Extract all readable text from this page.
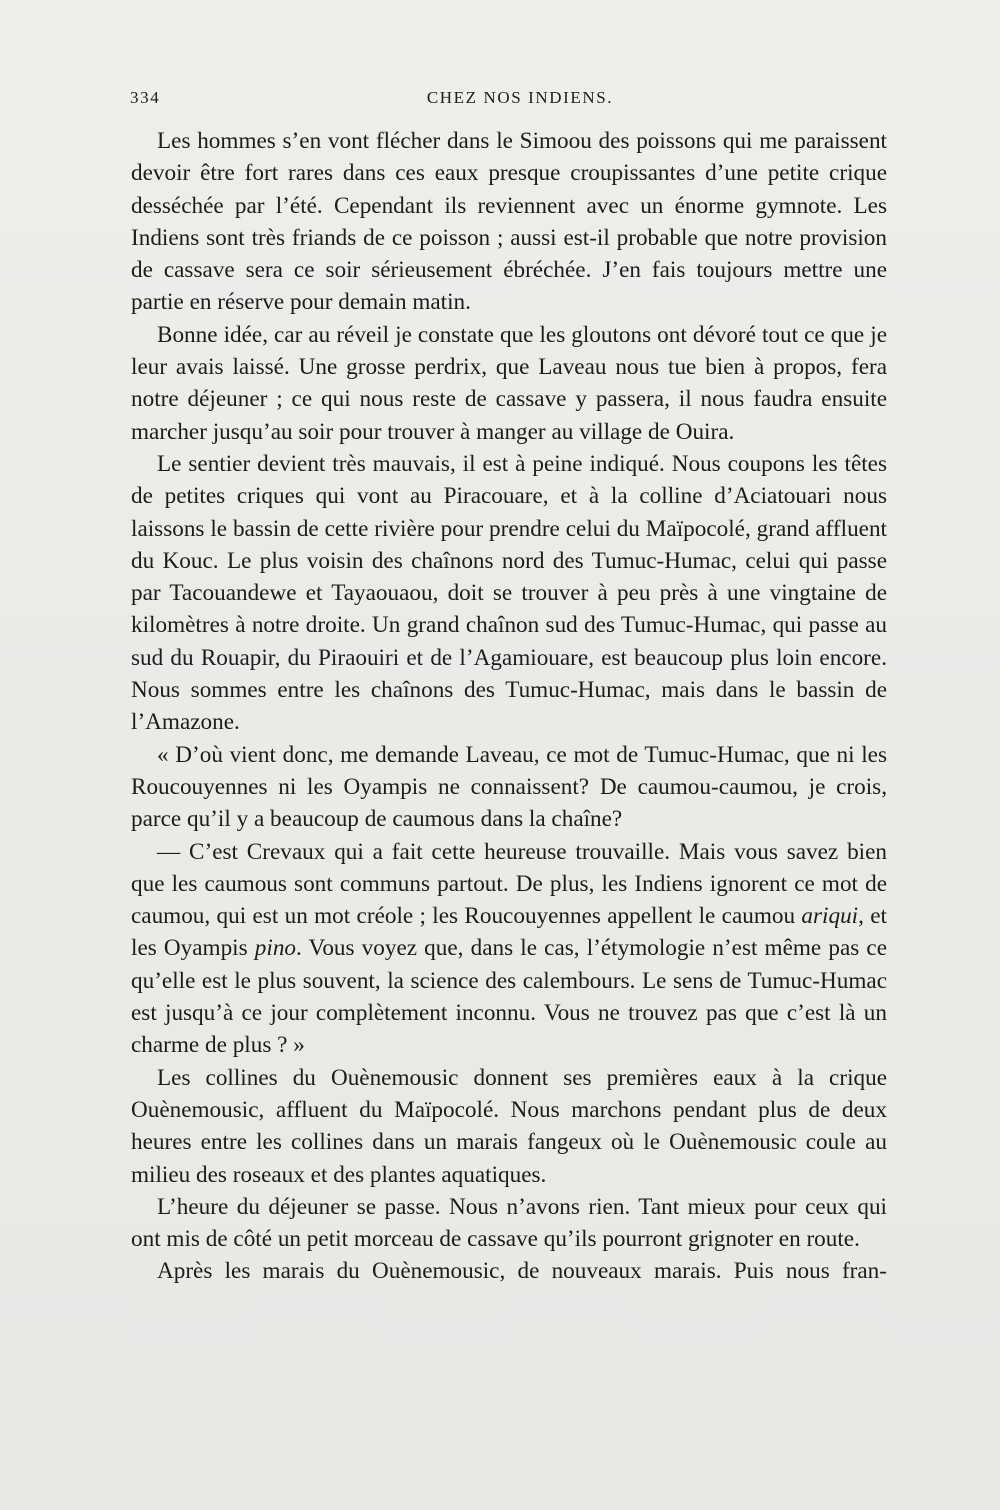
334	CHEZ NOS INDIENS.

Les hommes s’en vont flécher dans le Simoou des poissons qui me paraissent devoir être fort rares dans ces eaux presque croupissantes d’une petite crique desséchée par l’été. Cependant ils reviennent avec un énorme gymnote. Les Indiens sont très friands de ce poisson ; aussi est-il probable que notre provision de cassave sera ce soir sérieusement ébréchée. J’en fais toujours mettre une partie en réserve pour demain matin.

Bonne idée, car au réveil je constate que les gloutons ont dévoré tout ce que je leur avais laissé. Une grosse perdrix, que Laveau nous tue bien à propos, fera notre déjeuner ; ce qui nous reste de cassave y passera, il nous faudra ensuite marcher jusqu’au soir pour trouver à manger au village de Ouira.

Le sentier devient très mauvais, il est à peine indiqué. Nous coupons les têtes de petites criques qui vont au Piracouare, et à la colline d’Aciatouari nous laissons le bassin de cette rivière pour prendre celui du Maïpocolé, grand affluent du Kouc. Le plus voisin des chaînons nord des Tumuc-Humac, celui qui passe par Tacouandewe et Tayaouaou, doit se trouver à peu près à une vingtaine de kilomètres à notre droite. Un grand chaînon sud des Tumuc-Humac, qui passe au sud du Rouapir, du Piraouiri et de l’Agamiouare, est beaucoup plus loin encore. Nous sommes entre les chaînons des Tumuc-Humac, mais dans le bassin de l’Amazone.

« D’où vient donc, me demande Laveau, ce mot de Tumuc-Humac, que ni les Roucouyennes ni les Oyampis ne connaissent? De caumou-caumou, je crois, parce qu’il y a beaucoup de caumous dans la chaîne?

— C’est Crevaux qui a fait cette heureuse trouvaille. Mais vous savez bien que les caumous sont communs partout. De plus, les Indiens ignorent ce mot de caumou, qui est un mot créole ; les Roucouyennes appellent le caumou ariqui, et les Oyampis pino. Vous voyez que, dans le cas, l’étymologie n’est même pas ce qu’elle est le plus souvent, la science des calembours. Le sens de Tumuc-Humac est jusqu’à ce jour complètement inconnu. Vous ne trouvez pas que c’est là un charme de plus ? »

Les collines du Ouènemousic donnent ses premières eaux à la crique Ouènemousic, affluent du Maïpocolé. Nous marchons pendant plus de deux heures entre les collines dans un marais fangeux où le Ouènemousic coule au milieu des roseaux et des plantes aquatiques.

L’heure du déjeuner se passe. Nous n’avons rien. Tant mieux pour ceux qui ont mis de côté un petit morceau de cassave qu’ils pourront grignoter en route.

Après les marais du Ouènemousic, de nouveaux marais. Puis nous fran-
